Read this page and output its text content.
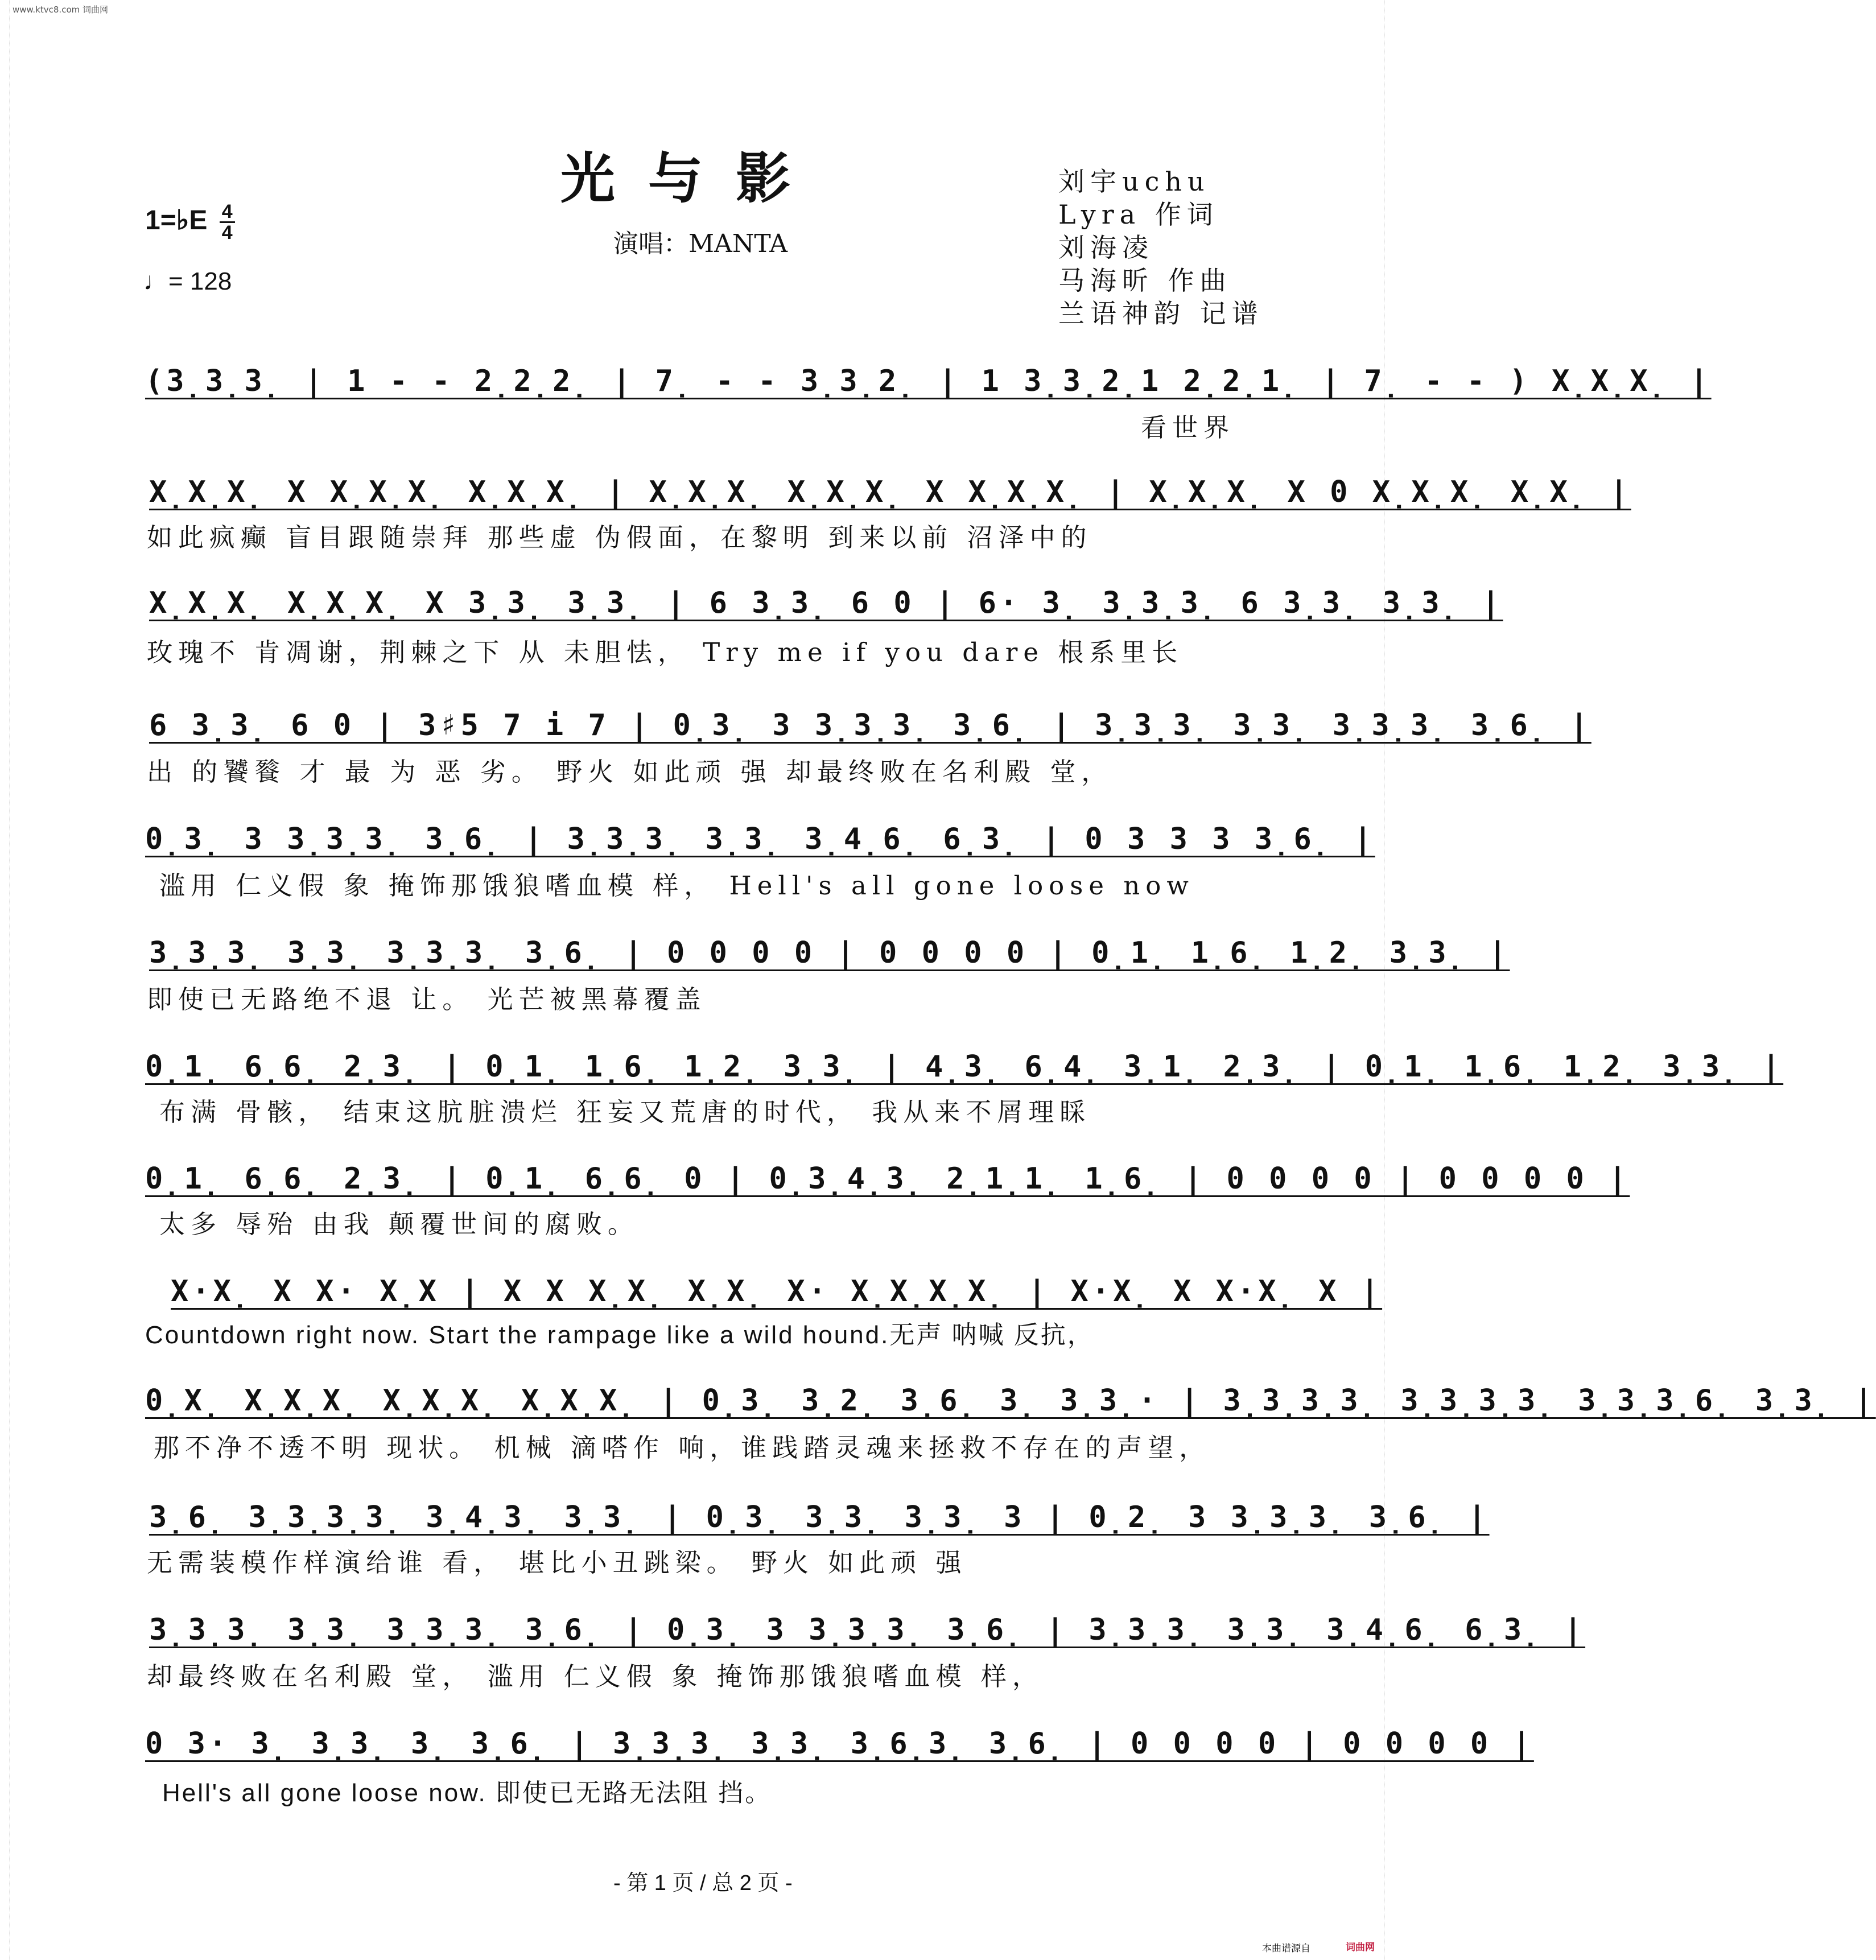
www.ktvc8.com 词曲网
光与影
演唱：MANTA
刘宇uchu
Lyra 作词
刘海凌
马海昕 作曲
兰语神韵 记谱
1=♭E $\frac{4}{4}$
♩= 128
(3̣3̣3̣ | 1 - - 2̣2̣2̣ | 7̣ - - 3̣3̣2̣ | 1 3̣3̣2̣1 2̣2̣1̣ | 7̣ - - ) X̣X̣X̣ |
看世界
X̣X̣X̣ X X̣X̣X̣ X̣X̣X̣ | X̣X̣X̣ X̣X̣X̣ X X̣X̣X̣ | X̣X̣X̣ X 0 X̣X̣X̣ X̣X̣ |
如此疯癫 盲目跟随崇拜 那些虚 伪假面，在黎明 到来以前 沼泽中的
X̣X̣X̣ X̣X̣X̣ X 3̣3̣ 3̣3̣ | 6 3̣3̣ 6 0 | 6· 3̣ 3̣3̣3̣ 6 3̣3̣ 3̣3̣ |
玫瑰不 肯凋谢，荆棘之下 从 未胆怯， Try me if you dare 根系里长
6 3̣3̣ 6 0 | 3♯5 7 i 7 | 0̣3̣ 3 3̣3̣3̣ 3̣6̣ | 3̣3̣3̣ 3̣3̣ 3̣3̣3̣ 3̣6̣ |
出 的饕餮 才 最 为 恶 劣。 野火 如此顽 强 却最终败在名利殿 堂，
0̣3̣ 3 3̣3̣3̣ 3̣6̣ | 3̣3̣3̣ 3̣3̣ 3̣4̣6̣ 6̣3̣ | 0 3 3 3 3̣6̣ |
滥用 仁义假 象 掩饰那饿狼嗜血模 样， Hell's all gone loose now
3̣3̣3̣ 3̣3̣ 3̣3̣3̣ 3̣6̣ | 0 0 0 0 | 0 0 0 0 | 0̣1̣ 1̣6̣ 1̣2̣ 3̣3̣ |
即使已无路绝不退 让。 光芒被黑幕覆盖
0̣1̣ 6̣6̣ 2̣3̣ | 0̣1̣ 1̣6̣ 1̣2̣ 3̣3̣ | 4̣3̣ 6̣4̣ 3̣1̣ 2̣3̣ | 0̣1̣ 1̣6̣ 1̣2̣ 3̣3̣ |
布满 骨骸， 结束这肮脏溃烂 狂妄又荒唐的时代， 我从来不屑理睬
0̣1̣ 6̣6̣ 2̣3̣ | 0̣1̣ 6̣6̣ 0 | 0̣3̣4̣3̣ 2̣1̣1̣ 1̣6̣ | 0 0 0 0 | 0 0 0 0 |
太多 辱殆 由我 颠覆世间的腐败。
X·X̣ X X· X̣X | X X X̣X̣ X̣X̣ X· X̣X̣X̣X̣ | X·X̣ X X·X̣ X |
Countdown right now. Start the rampage like a wild hound.无声 呐喊 反抗，
0̣X̣ X̣X̣X̣ X̣X̣X̣ X̣X̣X̣ | 0̣3̣ 3̣2̣ 3̣6̣ 3̣ 3̣3̣· | 3̣3̣3̣3̣ 3̣3̣3̣3̣ 3̣3̣3̣6̣ 3̣3̣ |
那不净不透不明 现状。 机械 滴嗒作 响，谁践踏灵魂来拯救不存在的声望，
3̣6̣ 3̣3̣3̣3̣ 3̣4̣3̣ 3̣3̣ | 0̣3̣ 3̣3̣ 3̣3̣ 3 | 0̣2̣ 3 3̣3̣3̣ 3̣6̣ |
无需装模作样演给谁 看， 堪比小丑跳梁。 野火 如此顽 强
3̣3̣3̣ 3̣3̣ 3̣3̣3̣ 3̣6̣ | 0̣3̣ 3 3̣3̣3̣ 3̣6̣ | 3̣3̣3̣ 3̣3̣ 3̣4̣6̣ 6̣3̣ |
却最终败在名利殿 堂， 滥用 仁义假 象 掩饰那饿狼嗜血模 样，
0 3· 3̣ 3̣3̣ 3̣ 3̣6̣ | 3̣3̣3̣ 3̣3̣ 3̣6̣3̣ 3̣6̣ | 0 0 0 0 | 0 0 0 0 |
Hell's all gone loose now. 即使已无路无法阻 挡。
- 第 1 页 / 总 2 页 -
本曲谱源自	词曲网
